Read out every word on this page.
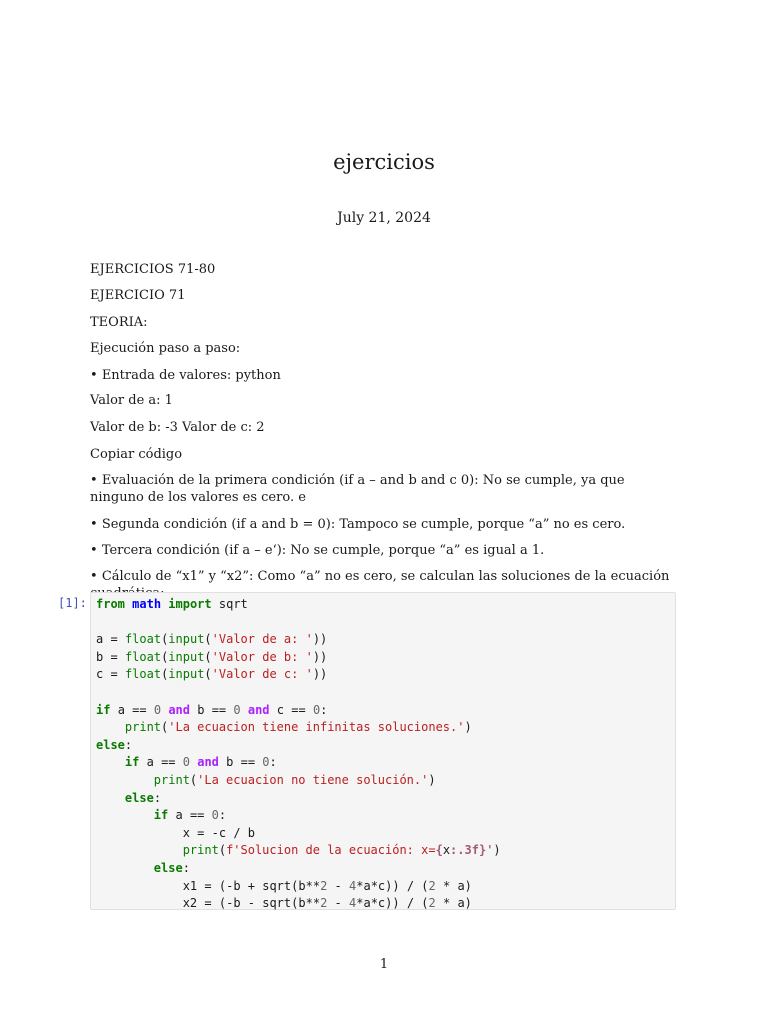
ejercicios
July 21, 2024
EJERCICIOS 71-80
EJERCICIO 71
TEORIA:
Ejecución paso a paso:
• Entrada de valores: python
Valor de a: 1
Valor de b: -3 Valor de c: 2
Copiar código
• Evaluación de la primera condición (if a – and b and c 0): No se cumple, ya que ninguno de los valores es cero. e
• Segunda condición (if a and b = 0): Tampoco se cumple, porque “a” no es cero.
• Tercera condición (if a – e‘): No se cumple, porque “a” es igual a 1.
• Cálculo de “x1” y “x2”: Como “a” no es cero, se calculan las soluciones de la ecuación
[1]: from math import sqrt
a = float(input('Valor de a: '))
b = float(input('Valor de b: '))
c = float(input('Valor de c: '))
if a == 0 and b == 0 and c == 0:
print('La ecuacion tiene infinitas soluciones.')
else:
if a == 0 and b == 0:
print('La ecuacion no tiene solución.')
else:
if a == 0:
x = -c / b
print(f'Solucion de la ecuación: x={x:.3f}')
else:
x1 = (-b + sqrt(b**2 - 4*a*c)) / (2 * a)
x2 = (-b - sqrt(b**2 - 4*a*c)) / (2 * a)
1
